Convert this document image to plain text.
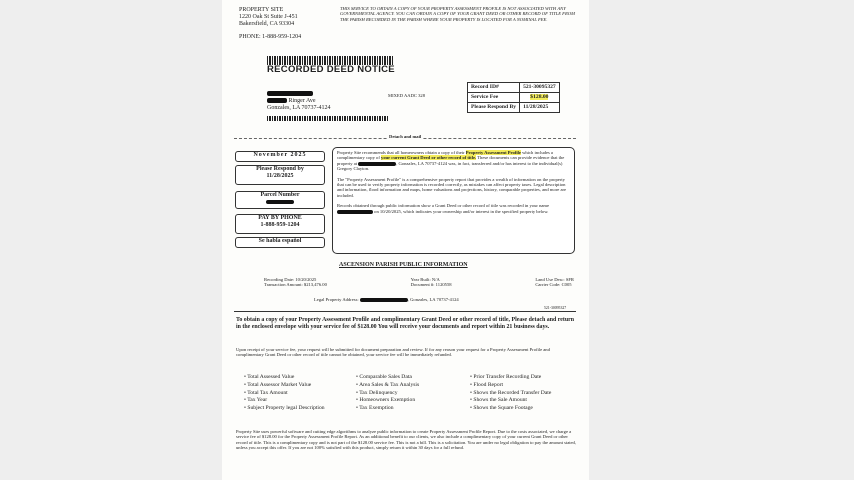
PROPERTY SITE
1220 Oak St Suite J-451
Bakersfield, CA 93304
PHONE: 1-888-959-1204
THIS SERVICE TO OBTAIN A COPY OF YOUR PROPERTY ASSESSMENT PROFILE IS NOT ASSOCIATED WITH ANY GOVERNMENTAL AGENCY. YOU CAN OBTAIN A COPY OF YOUR GRANT DEED OR OTHER RECORD OF TITLE FROM THE PARISH RECORDED IN THE PARISH WHERE YOUR PROPERTY IS LOCATED FOR A NOMINAL FEE.
RECORDED DEED NOTICE
Ringer Ave
Gonzales, LA 70737-4124
MIXED AADC 328
Record ID#	521-30095327
Service Fee	$128.00
Please Respond By	11/28/2025
Detach and mail
November 2025
Please Respond by
11/28/2025
Parcel Number
PAY BY PHONE
1-888-959-1204
Se habla español
Property Site recommends that all homeowners obtain a copy of their Property Assessment Profile which includes a complimentary copy of your current Grant Deed or other record of title. These documents can provide evidence that the property at	, Gonzales, LA 70737-4124 was, in fact, transferred and/or has interest to the individual(s) Gregory Clayton.
The "Property Assessment Profile" is a comprehensive property report that provides a wealth of information on the property that can be used to verify property information is recorded correctly, as mistakes can affect property taxes. Legal description and information, flood information and maps, home valuations and projections, history, comparable properties, and more are included.
Records obtained through public information show a Grant Deed or other record of title was recorded in your name  on 10/20/2025, which indicates your ownership and/or interest in the specified property below.
ASCENSION PARISH PUBLIC INFORMATION
Recording Date: 10/20/2025
Transaction Amount: $213,476.00
Year Built: N/A
Document #: 1120558
Land Use Desc: SFR
Carrier Code: C005
Legal Property Address:	, Gonzales, LA 70737-4124
521-30095327
To obtain a copy of your Property Assessment Profile and complimentary Grant Deed or other record of title, Please detach and return in the enclosed envelope with your service fee of $128.00 You will receive your documents and report within 21 business days.
Upon receipt of your service fee, your request will be submitted for document preparation and review. If for any reason your request for a Property Assessment Profile and complimentary Grant Deed or other record of title cannot be obtained, your service fee will be immediately refunded.
• Total Assessed Value
• Total Assessor Market Value
• Total Tax Amount
• Tax Year
• Subject Property legal Description
• Comparable Sales Data
• Area Sales & Tax Analysis
• Tax Delinquency
• Homeowners Exemption
• Tax Exemption
• Prior Transfer Recording Date
• Flood Report
• Shows the Recorded Transfer Date
• Shows the Sale Amount
• Shows the Square Footage
Property Site uses powerful software and cutting edge algorithms to analyze public information to create Property Assessment Profile Report. Due to the costs associated, we charge a service fee of $128.00 for the Property Assessment Profile Report. As an additional benefit to our clients, we also include a complimentary copy of your current Grant Deed or other record of title. This is a complimentary copy and is not part of the $128.00 service fee. This is not a bill. This is a solicitation. You are under no legal obligation to pay the amount stated, unless you accept this offer. If you are not 100% satisfied with this product, simply return it within 30 days for a full refund.
